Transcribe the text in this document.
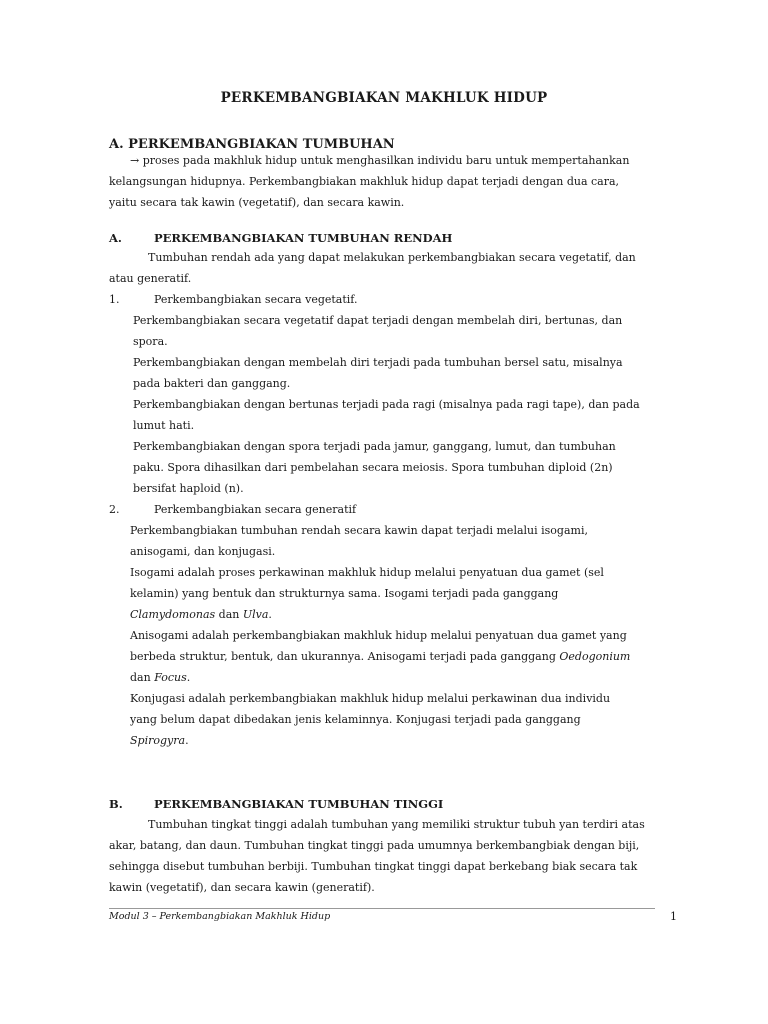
PERKEMBANGBIAKAN MAKHLUK HIDUP
A. PERKEMBANGBIAKAN TUMBUHAN
→ proses pada makhluk hidup untuk menghasilkan individu baru untuk mempertahankan
kelangsungan hidupnya. Perkembangbiakan makhluk hidup dapat terjadi dengan dua cara,
yaitu secara tak kawin (vegetatif), dan secara kawin.
A.	PERKEMBANGBIAKAN TUMBUHAN RENDAH
Tumbuhan rendah ada yang dapat melakukan perkembangbiakan secara vegetatif, dan
atau generatif.
1.	Perkembangbiakan secara vegetatif.
Perkembangbiakan secara vegetatif dapat terjadi dengan membelah diri, bertunas, dan
spora.
Perkembangbiakan dengan membelah diri terjadi pada tumbuhan bersel satu, misalnya
pada bakteri dan ganggang.
Perkembangbiakan dengan bertunas terjadi pada ragi (misalnya pada ragi tape), dan pada
lumut hati.
Perkembangbiakan dengan spora terjadi pada jamur, ganggang, lumut, dan tumbuhan
paku. Spora dihasilkan dari pembelahan secara meiosis. Spora tumbuhan diploid (2n)
bersifat haploid (n).
2.	Perkembangbiakan secara generatif
Perkembangbiakan tumbuhan rendah secara kawin dapat terjadi melalui isogami,
anisogami, dan konjugasi.
Isogami adalah proses perkawinan makhluk hidup melalui penyatuan dua gamet (sel
kelamin) yang bentuk dan strukturnya sama. Isogami terjadi pada ganggang
Clamydomonas dan Ulva.
Anisogami adalah perkembangbiakan makhluk hidup melalui penyatuan dua gamet yang
berbeda struktur, bentuk, dan ukurannya. Anisogami terjadi pada ganggang Oedogonium
dan Focus.
Konjugasi adalah perkembangbiakan makhluk hidup melalui perkawinan dua individu
yang belum dapat dibedakan jenis kelaminnya. Konjugasi terjadi pada ganggang
Spirogyra.
B.	PERKEMBANGBIAKAN TUMBUHAN TINGGI
Tumbuhan tingkat tinggi adalah tumbuhan yang memiliki struktur tubuh yan terdiri atas
akar, batang, dan daun. Tumbuhan tingkat tinggi pada umumnya berkembangbiak dengan biji,
sehingga disebut tumbuhan berbiji. Tumbuhan tingkat tinggi dapat berkebang biak secara tak
kawin (vegetatif), dan secara kawin (generatif).
Modul 3 – Perkembangbiakan Makhluk Hidup	1
